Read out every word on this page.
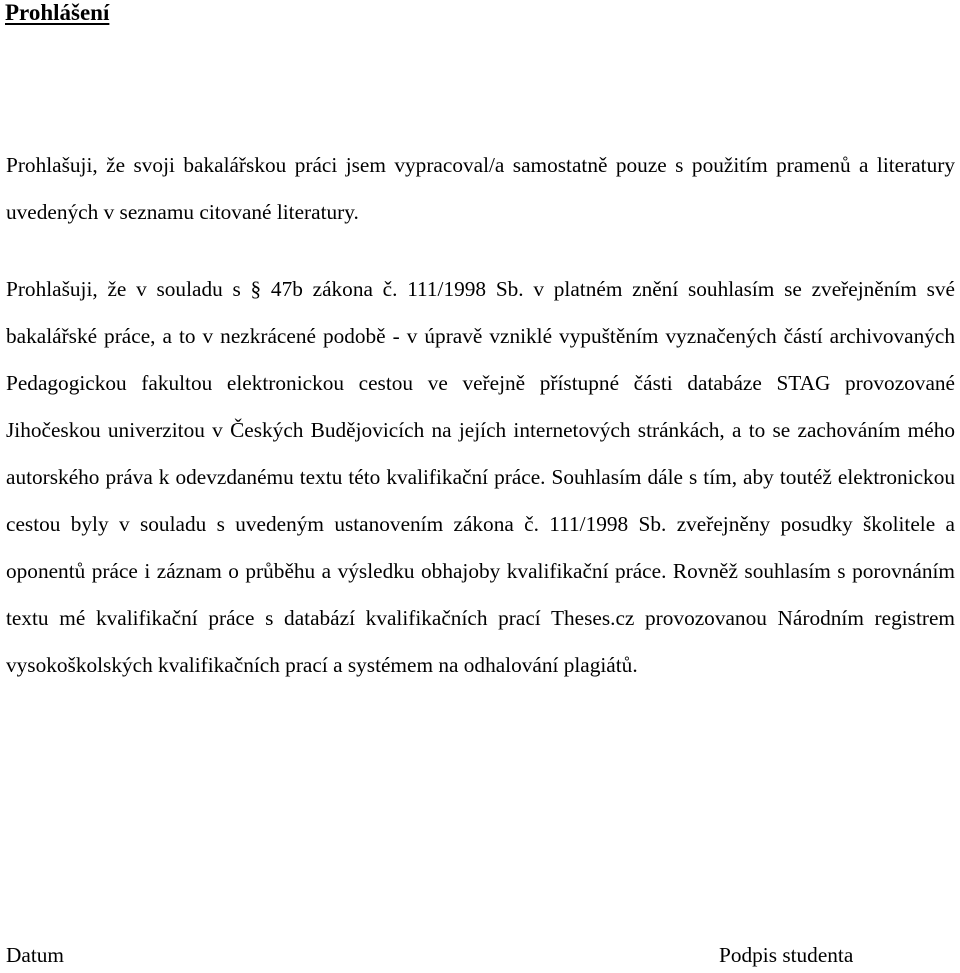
Prohlášení

Prohlašuji, že svoji bakalářskou práci jsem vypracoval/a samostatně pouze s použitím pramenů a literatury uvedených v seznamu citované literatury.

Prohlašuji, že v souladu s § 47b zákona č. 111/1998 Sb. v platném znění souhlasím se zveřejněním své bakalářské práce, a to v nezkrácené podobě - v úpravě vzniklé vypuštěním vyznačených částí archivovaných Pedagogickou fakultou elektronickou cestou ve veřejně přístupné části databáze STAG provozované Jihočeskou univerzitou v Českých Budějovicích na jejích internetových stránkách, a to se zachováním mého autorského práva k odevzdanému textu této kvalifikační práce. Souhlasím dále s tím, aby toutéž elektronickou cestou byly v souladu s uvedeným ustanovením zákona č. 111/1998 Sb. zveřejněny posudky školitele a oponentů práce i záznam o průběhu a výsledku obhajoby kvalifikační práce. Rovněž souhlasím s porovnáním textu mé kvalifikační práce s databází kvalifikačních prací Theses.cz provozovanou Národním registrem vysokoškolských kvalifikačních prací a systémem na odhalování plagiátů.

Datum	Podpis studenta
